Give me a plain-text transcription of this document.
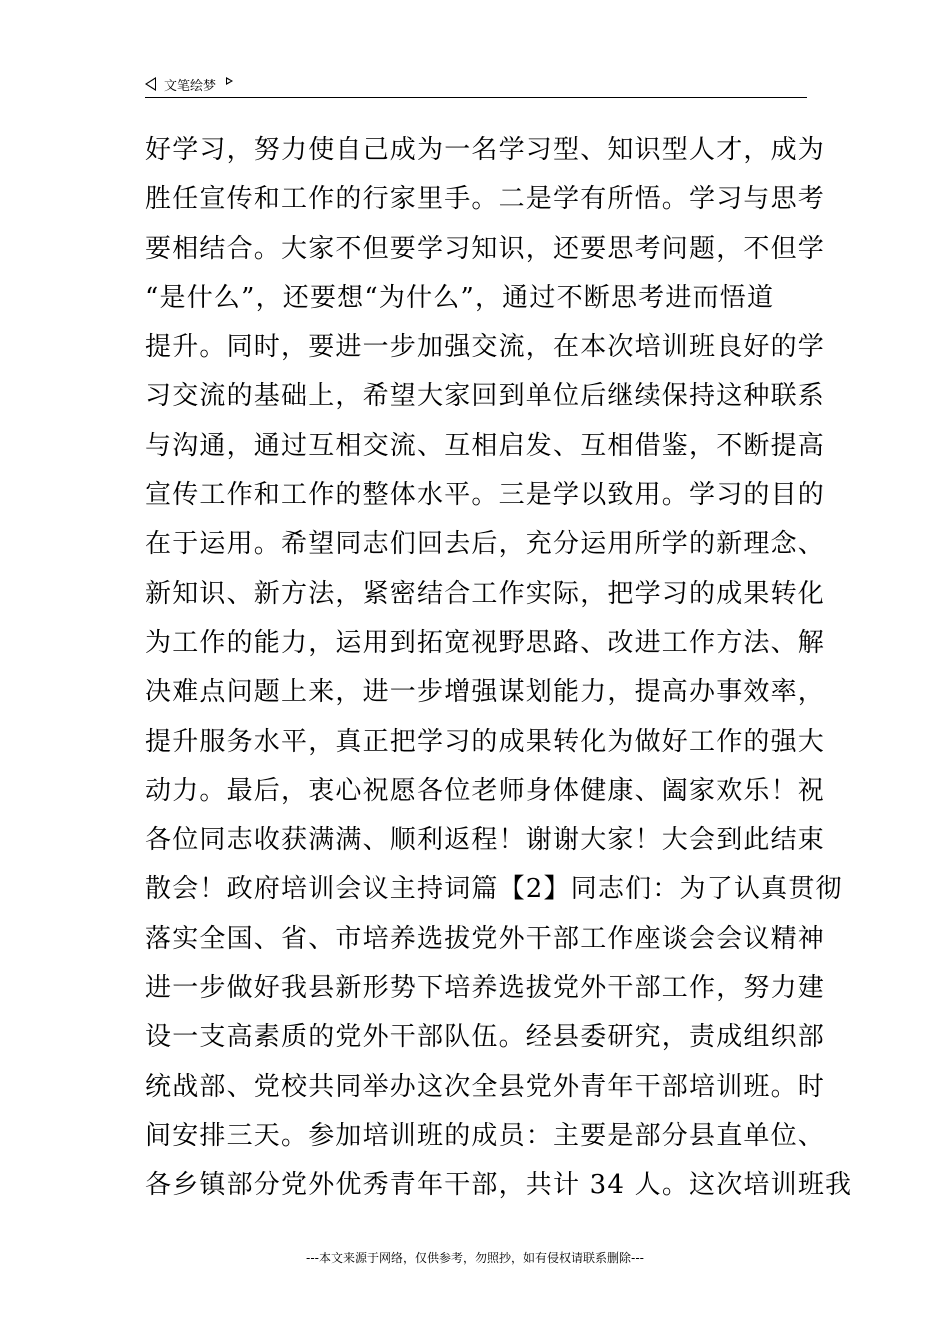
文笔绘梦
好学习，努力使自己成为一名学习型、知识型人才，成为
胜任宣传和工作的行家里手。二是学有所悟。学习与思考
要相结合。大家不但要学习知识，还要思考问题，不但学
“是什么”，还要想“为什么”，通过不断思考进而悟道
提升。同时，要进一步加强交流，在本次培训班良好的学
习交流的基础上，希望大家回到单位后继续保持这种联系
与沟通，通过互相交流、互相启发、互相借鉴，不断提高
宣传工作和工作的整体水平。三是学以致用。学习的目的
在于运用。希望同志们回去后，充分运用所学的新理念、
新知识、新方法，紧密结合工作实际，把学习的成果转化
为工作的能力，运用到拓宽视野思路、改进工作方法、解
决难点问题上来，进一步增强谋划能力，提高办事效率，
提升服务水平，真正把学习的成果转化为做好工作的强大
动力。最后，衷心祝愿各位老师身体健康、阖家欢乐！祝
各位同志收获满满、顺利返程！谢谢大家！大会到此结束
散会！政府培训会议主持词篇【2】同志们：为了认真贯彻
落实全国、省、市培养选拔党外干部工作座谈会会议精神
进一步做好我县新形势下培养选拔党外干部工作，努力建
设一支高素质的党外干部队伍。经县委研究，责成组织部
统战部、党校共同举办这次全县党外青年干部培训班。时
间安排三天。参加培训班的成员：主要是部分县直单位、
各乡镇部分党外优秀青年干部，共计 34 人。这次培训班我
---本文来源于网络，仅供参考，勿照抄，如有侵权请联系删除---
